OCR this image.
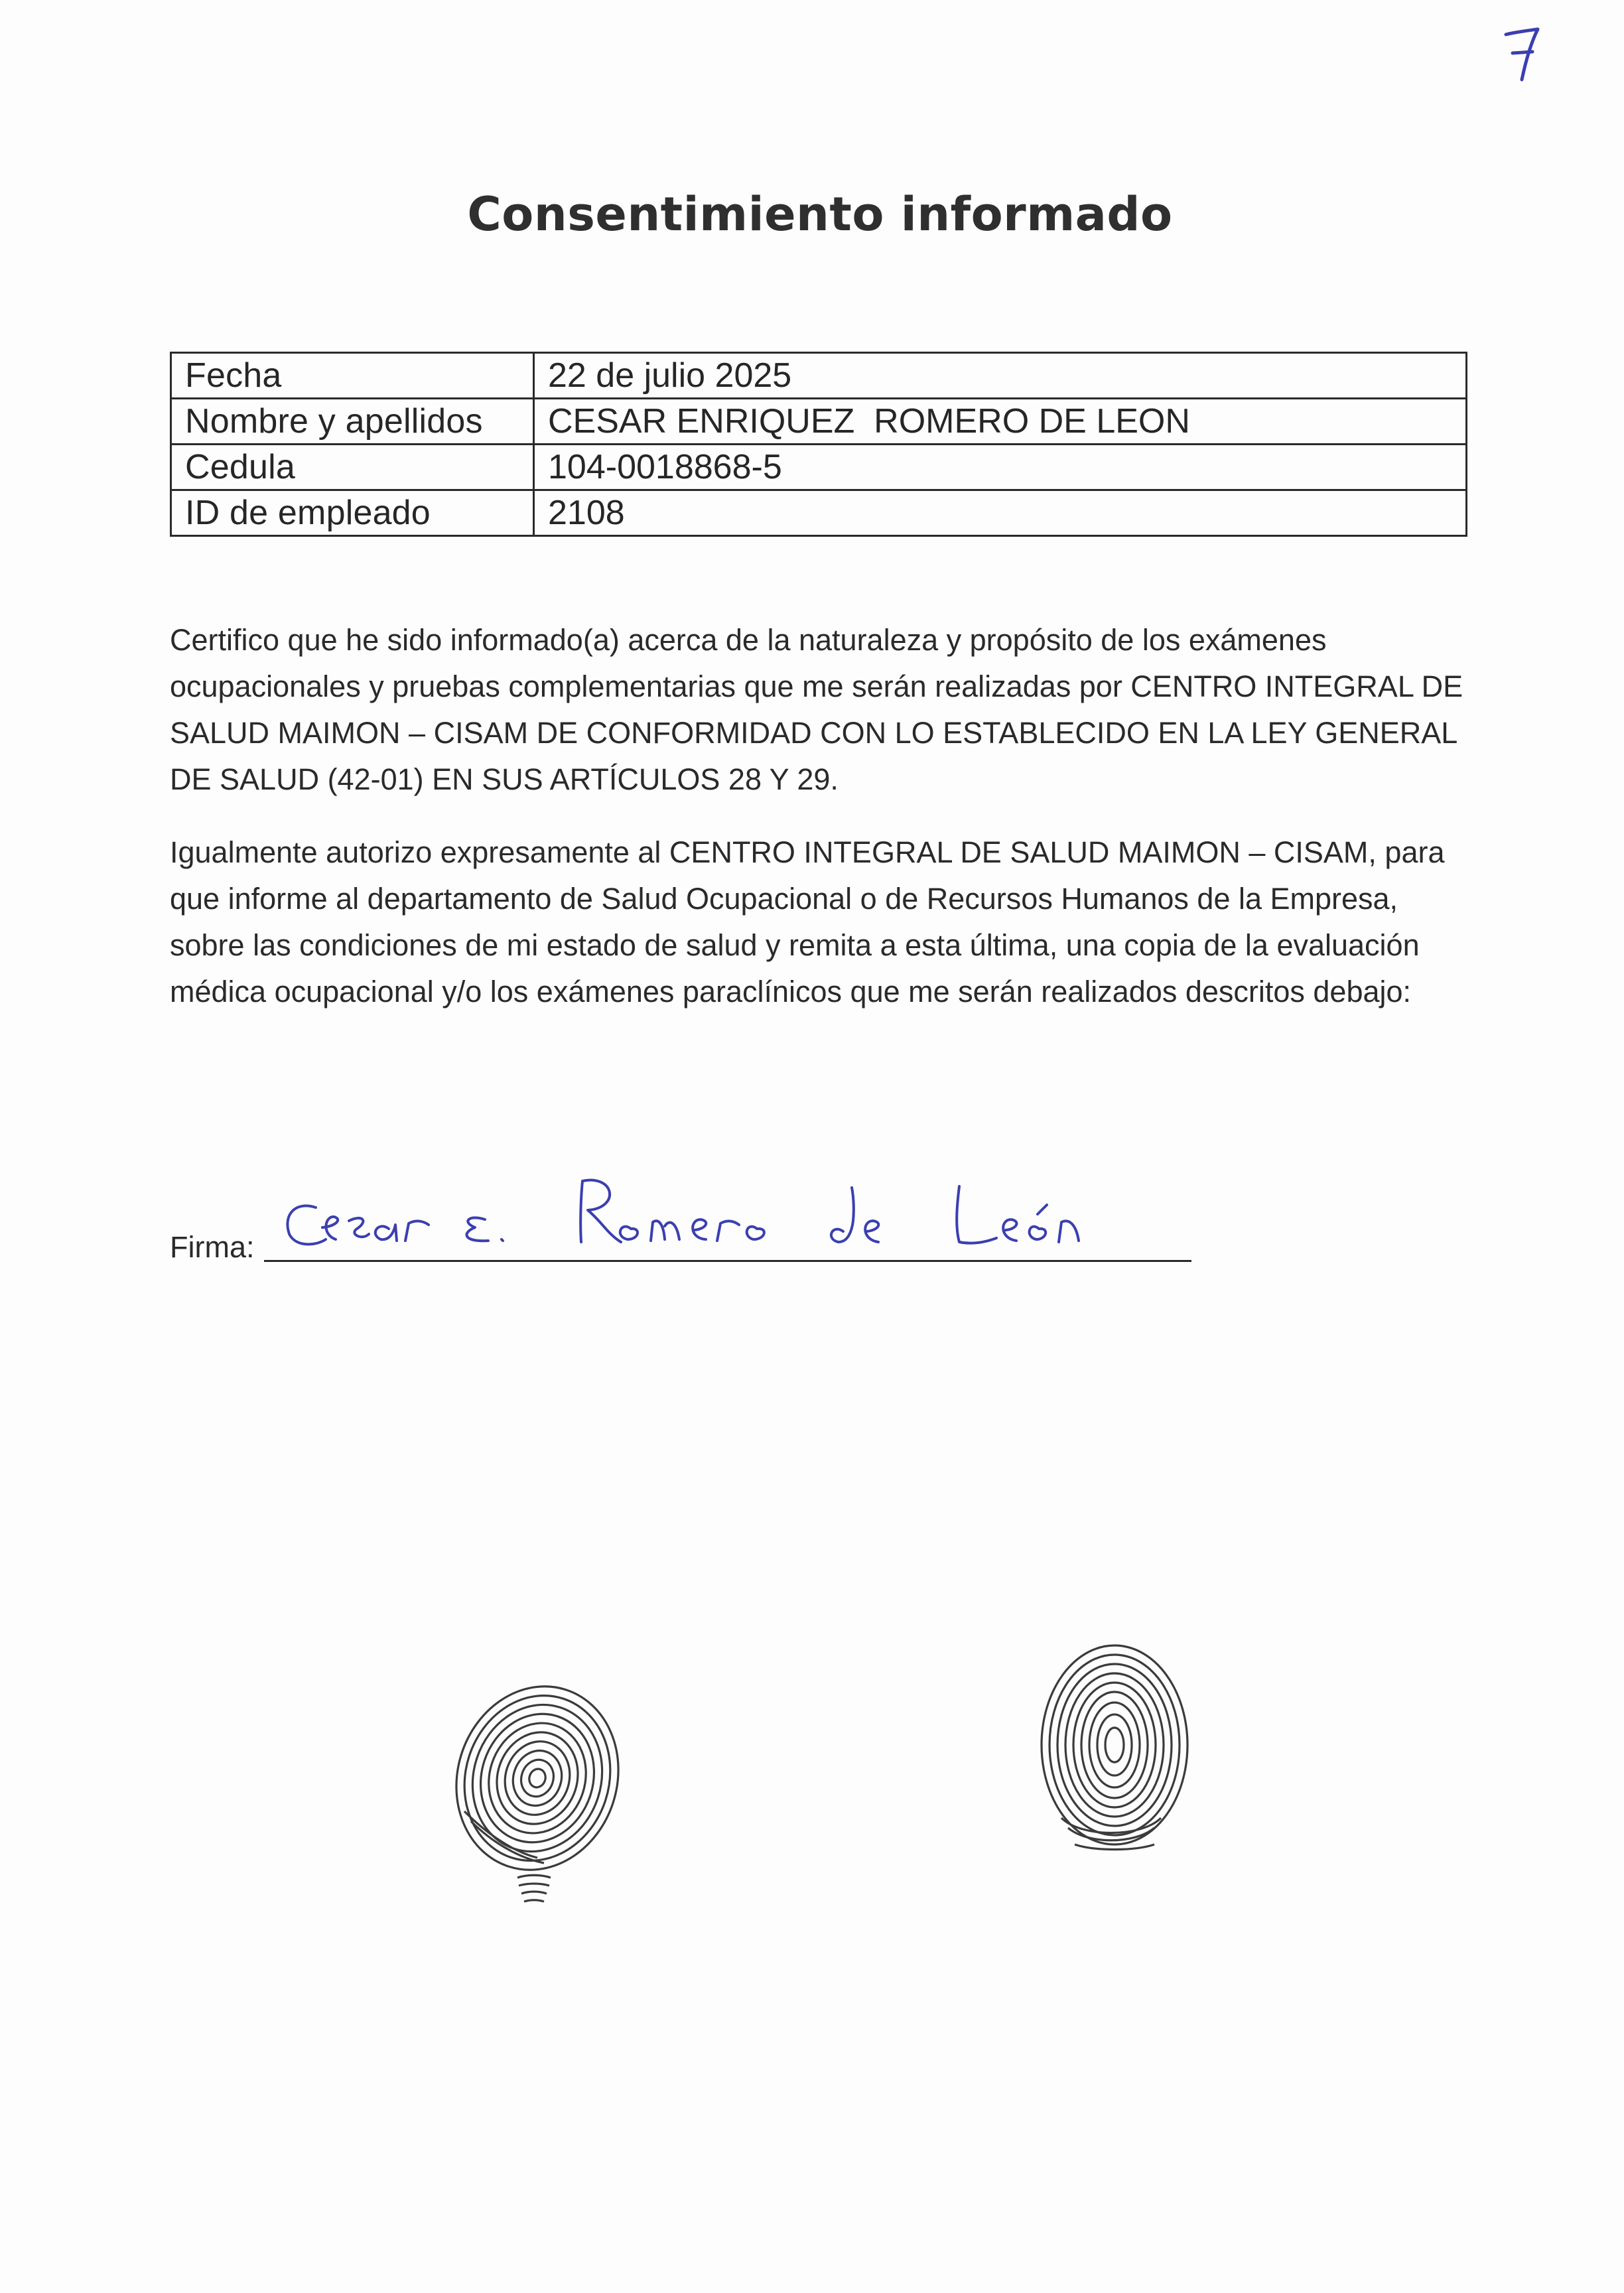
Consentimiento informado
Fecha	22 de julio 2025
Nombre y apellidos	CESAR ENRIQUEZ  ROMERO DE LEON
Cedula	104-0018868-5
ID de empleado	2108

Certifico que he sido informado(a) acerca de la naturaleza y propósito de los exámenes ocupacionales y pruebas complementarias que me serán realizadas por CENTRO INTEGRAL DE SALUD MAIMON – CISAM DE CONFORMIDAD CON LO ESTABLECIDO EN LA LEY GENERAL DE SALUD (42-01) EN SUS ARTÍCULOS 28 Y 29.

Igualmente autorizo expresamente al CENTRO INTEGRAL DE SALUD MAIMON – CISAM, para que informe al departamento de Salud Ocupacional o de Recursos Humanos de la Empresa, sobre las condiciones de mi estado de salud y remita a esta última, una copia de la evaluación médica ocupacional y/o los exámenes paraclínicos que me serán realizados descritos debajo:

Firma:
